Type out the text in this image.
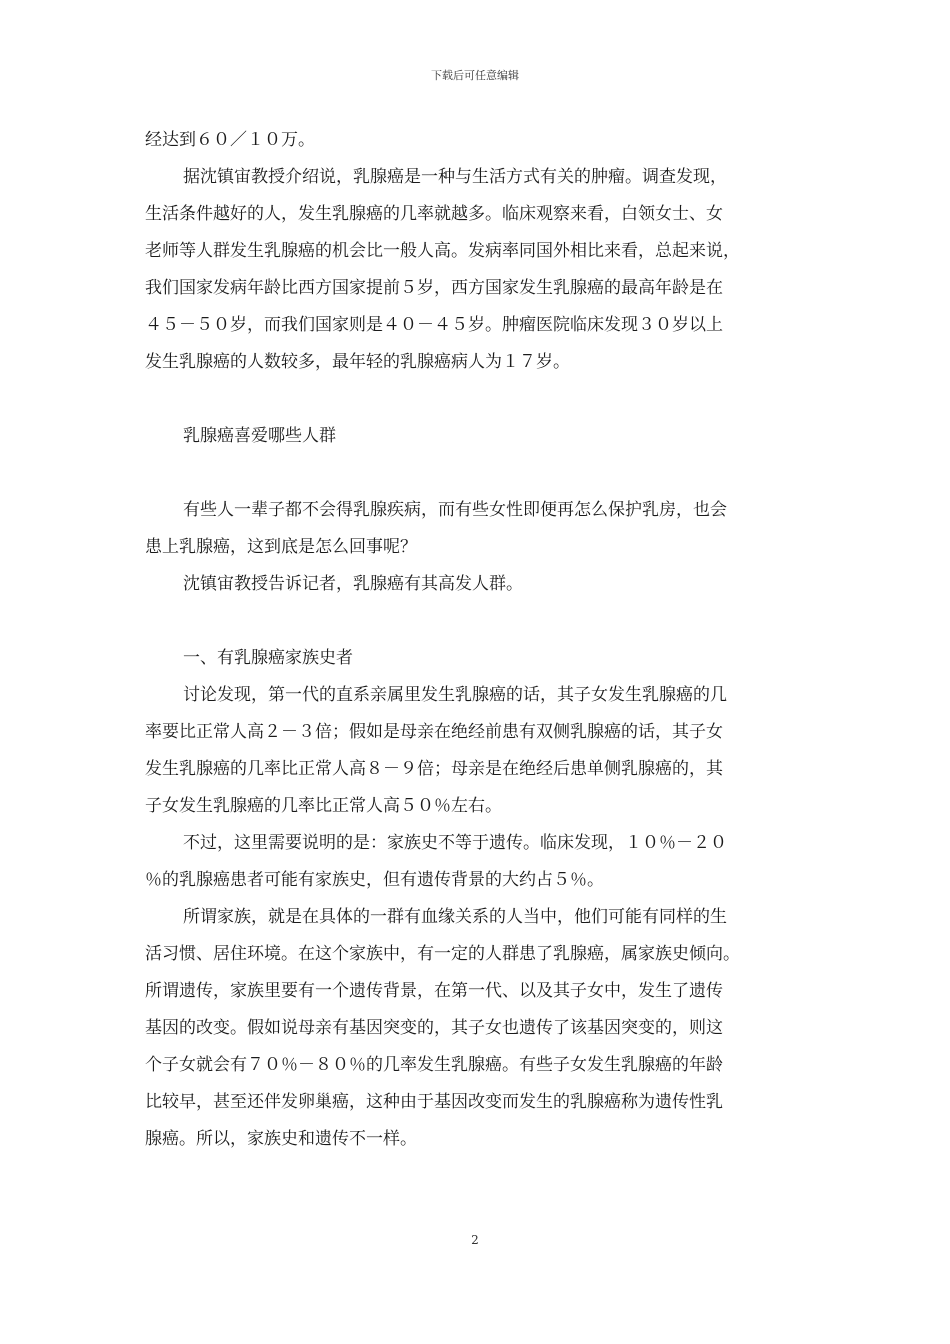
下载后可任意编辑
经达到６０／１０万。
据沈镇宙教授介绍说，乳腺癌是一种与生活方式有关的肿瘤。调查发现，
生活条件越好的人，发生乳腺癌的几率就越多。临床观察来看，白领女士、女
老师等人群发生乳腺癌的机会比一般人高。发病率同国外相比来看，总起来说，
我们国家发病年龄比西方国家提前５岁，西方国家发生乳腺癌的最高年龄是在
４５－５０岁，而我们国家则是４０－４５岁。肿瘤医院临床发现３０岁以上
发生乳腺癌的人数较多，最年轻的乳腺癌病人为１７岁。
乳腺癌喜爱哪些人群
有些人一辈子都不会得乳腺疾病，而有些女性即便再怎么保护乳房，也会
患上乳腺癌，这到底是怎么回事呢？
沈镇宙教授告诉记者，乳腺癌有其高发人群。
一、有乳腺癌家族史者
讨论发现，第一代的直系亲属里发生乳腺癌的话，其子女发生乳腺癌的几
率要比正常人高２－３倍；假如是母亲在绝经前患有双侧乳腺癌的话，其子女
发生乳腺癌的几率比正常人高８－９倍；母亲是在绝经后患单侧乳腺癌的，其
子女发生乳腺癌的几率比正常人高５０％左右。
不过，这里需要说明的是：家族史不等于遗传。临床发现，１０％－２０
％的乳腺癌患者可能有家族史，但有遗传背景的大约占５％。
所谓家族，就是在具体的一群有血缘关系的人当中，他们可能有同样的生
活习惯、居住环境。在这个家族中，有一定的人群患了乳腺癌，属家族史倾向。
所谓遗传，家族里要有一个遗传背景，在第一代、以及其子女中，发生了遗传
基因的改变。假如说母亲有基因突变的，其子女也遗传了该基因突变的，则这
个子女就会有７０％－８０％的几率发生乳腺癌。有些子女发生乳腺癌的年龄
比较早，甚至还伴发卵巢癌，这种由于基因改变而发生的乳腺癌称为遗传性乳
腺癌。所以，家族史和遗传不一样。
2
